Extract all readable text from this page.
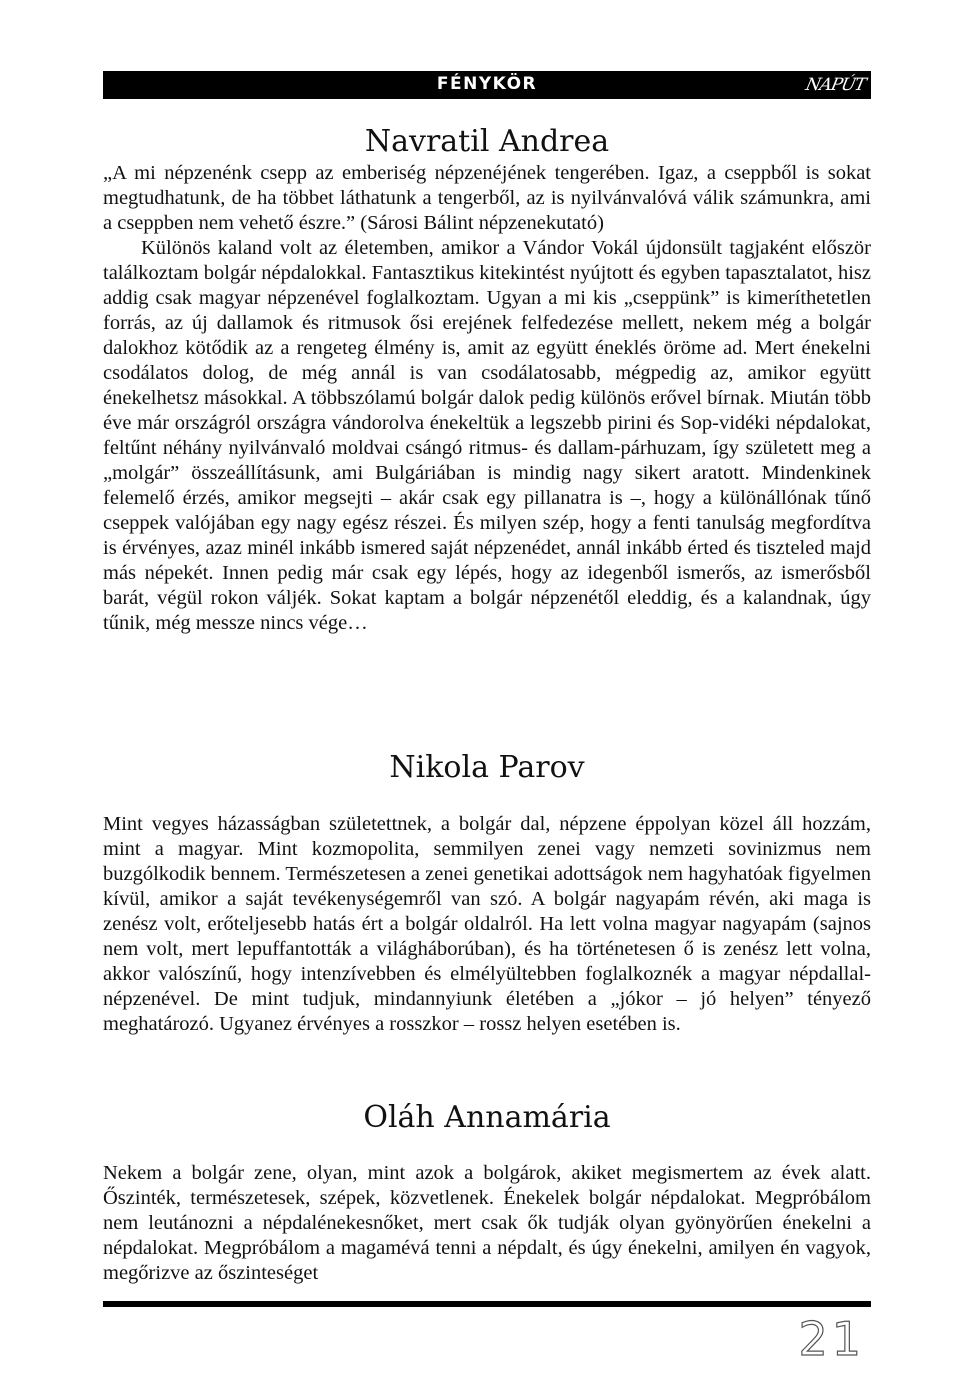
FÉNYKÖR	NAPÚT
Navratil Andrea

„A mi népzenénk csepp az emberiség népzenéjének tengerében. Igaz, a cseppből is sokat megtudhatunk, de ha többet láthatunk a tengerből, az is nyilvánvalóvá válik számunkra, ami a cseppben nem vehető észre.” (Sárosi Bálint népzenekutató)

Különös kaland volt az életemben, amikor a Vándor Vokál újdonsült tagjaként először találkoztam bolgár népdalokkal. Fantasztikus kitekintést nyújtott és egyben tapasztalatot, hisz addig csak magyar népzenével foglalkoztam. Ugyan a mi kis „cseppünk” is kimeríthetetlen forrás, az új dallamok és ritmusok ősi erejének felfedezése mellett, nekem még a bolgár dalokhoz kötődik az a rengeteg élmény is, amit az együtt éneklés öröme ad. Mert énekelni csodálatos dolog, de még annál is van csodálatosabb, mégpedig az, amikor együtt énekelhetsz másokkal. A többszólamú bolgár dalok pedig különös erővel bírnak. Miután több éve már országról országra vándorolva énekeltük a legszebb pirini és Sop-vidéki népdalokat, feltűnt néhány nyilvánvaló moldvai csángó ritmus- és dallam-párhuzam, így született meg a „molgár” összeállításunk, ami Bulgáriában is mindig nagy sikert aratott. Mindenkinek felemelő érzés, amikor megsejti – akár csak egy pillanatra is –, hogy a különállónak tűnő cseppek valójában egy nagy egész részei. És milyen szép, hogy a fenti tanulság megfordítva is érvényes, azaz minél inkább ismered saját népzenédet, annál inkább érted és tiszteled majd más népekét. Innen pedig már csak egy lépés, hogy az idegenből ismerős, az ismerősből barát, végül rokon váljék. Sokat kaptam a bolgár népzenétől eleddig, és a kalandnak, úgy tűnik, még messze nincs vége…

Nikola Parov

Mint vegyes házasságban születettnek, a bolgár dal, népzene éppolyan közel áll hozzám, mint a magyar. Mint kozmopolita, semmilyen zenei vagy nemzeti sovinizmus nem buzgólkodik bennem. Természetesen a zenei genetikai adottságok nem hagyhatóak figyelmen kívül, amikor a saját tevékenységemről van szó. A bolgár nagyapám révén, aki maga is zenész volt, erőteljesebb hatás ért a bolgár oldalról. Ha lett volna magyar nagyapám (sajnos nem volt, mert lepuffantották a világháborúban), és ha történetesen ő is zenész lett volna, akkor valószínű, hogy intenzívebben és elmélyültebben foglalkoznék a magyar népdallal-népzenével. De mint tudjuk, mindannyiunk életében a „jókor – jó helyen” tényező meghatározó. Ugyanez érvényes a rosszkor – rossz helyen esetében is.

Oláh Annamária

Nekem a bolgár zene, olyan, mint azok a bolgárok, akiket megismertem az évek alatt. Őszinték, természetesek, szépek, közvetlenek. Énekelek bolgár népdalokat. Megpróbálom nem leutánozni a népdalénekesnőket, mert csak ők tudják olyan gyönyörűen énekelni a népdalokat. Megpróbálom a magamévá tenni a népdalt, és úgy énekelni, amilyen én vagyok, megőrizve az őszinteséget

21
